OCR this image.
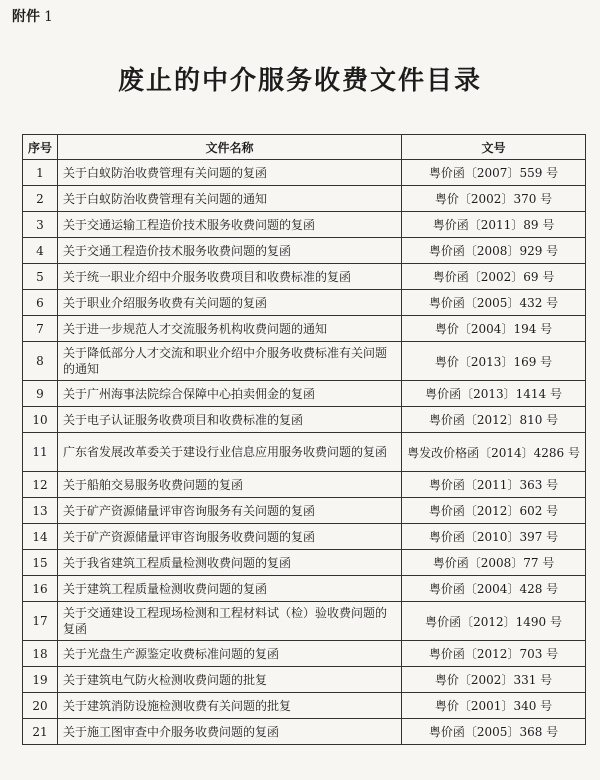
附件 1
废止的中介服务收费文件目录
序号	文件名称	文号
1	关于白蚁防治收费管理有关问题的复函	粤价函〔2007〕559 号
2	关于白蚁防治收费管理有关问题的通知	粤价〔2002〕370 号
3	关于交通运输工程造价技术服务收费问题的复函	粤价函〔2011〕89 号
4	关于交通工程造价技术服务收费问题的复函	粤价函〔2008〕929 号
5	关于统一职业介绍中介服务收费项目和收费标准的复函	粤价函〔2002〕69 号
6	关于职业介绍服务收费有关问题的复函	粤价函〔2005〕432 号
7	关于进一步规范人才交流服务机构收费问题的通知	粤价〔2004〕194 号
8	关于降低部分人才交流和职业介绍中介服务收费标准有关问题的通知	粤价〔2013〕169 号
9	关于广州海事法院综合保障中心拍卖佣金的复函	粤价函〔2013〕1414 号
10	关于电子认证服务收费项目和收费标准的复函	粤价函〔2012〕810 号
11	广东省发展改革委关于建设行业信息应用服务收费问题的复函	粤发改价格函〔2014〕4286 号
12	关于船舶交易服务收费问题的复函	粤价函〔2011〕363 号
13	关于矿产资源储量评审咨询服务有关问题的复函	粤价函〔2012〕602 号
14	关于矿产资源储量评审咨询服务收费问题的复函	粤价函〔2010〕397 号
15	关于我省建筑工程质量检测收费问题的复函	粤价函〔2008〕77 号
16	关于建筑工程质量检测收费问题的复函	粤价函〔2004〕428 号
17	关于交通建设工程现场检测和工程材料试（检）验收费问题的复函	粤价函〔2012〕1490 号
18	关于光盘生产源鉴定收费标准问题的复函	粤价函〔2012〕703 号
19	关于建筑电气防火检测收费问题的批复	粤价〔2002〕331 号
20	关于建筑消防设施检测收费有关问题的批复	粤价〔2001〕340 号
21	关于施工图审查中介服务收费问题的复函	粤价函〔2005〕368 号
